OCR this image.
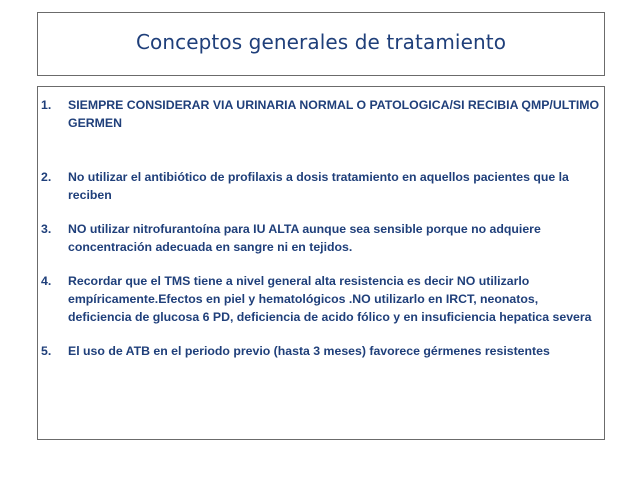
Conceptos generales de tratamiento
1.	SIEMPRE CONSIDERAR VIA URINARIA NORMAL O PATOLOGICA/SI RECIBIA QMP/ULTIMO GERMEN
2.	No utilizar el antibiótico de profilaxis a dosis tratamiento en aquellos pacientes que la reciben
3.	NO utilizar nitrofurantoína para IU ALTA aunque sea sensible porque no adquiere concentración adecuada en sangre ni en tejidos.
4.	Recordar que el TMS tiene a nivel general alta resistencia es decir NO utilizarlo empíricamente.Efectos en piel y hematológicos .NO utilizarlo en IRCT, neonatos, deficiencia de glucosa 6 PD, deficiencia de acido fólico y en insuficiencia hepatica severa
5.	El uso de ATB en el periodo previo (hasta 3 meses) favorece gérmenes resistentes
